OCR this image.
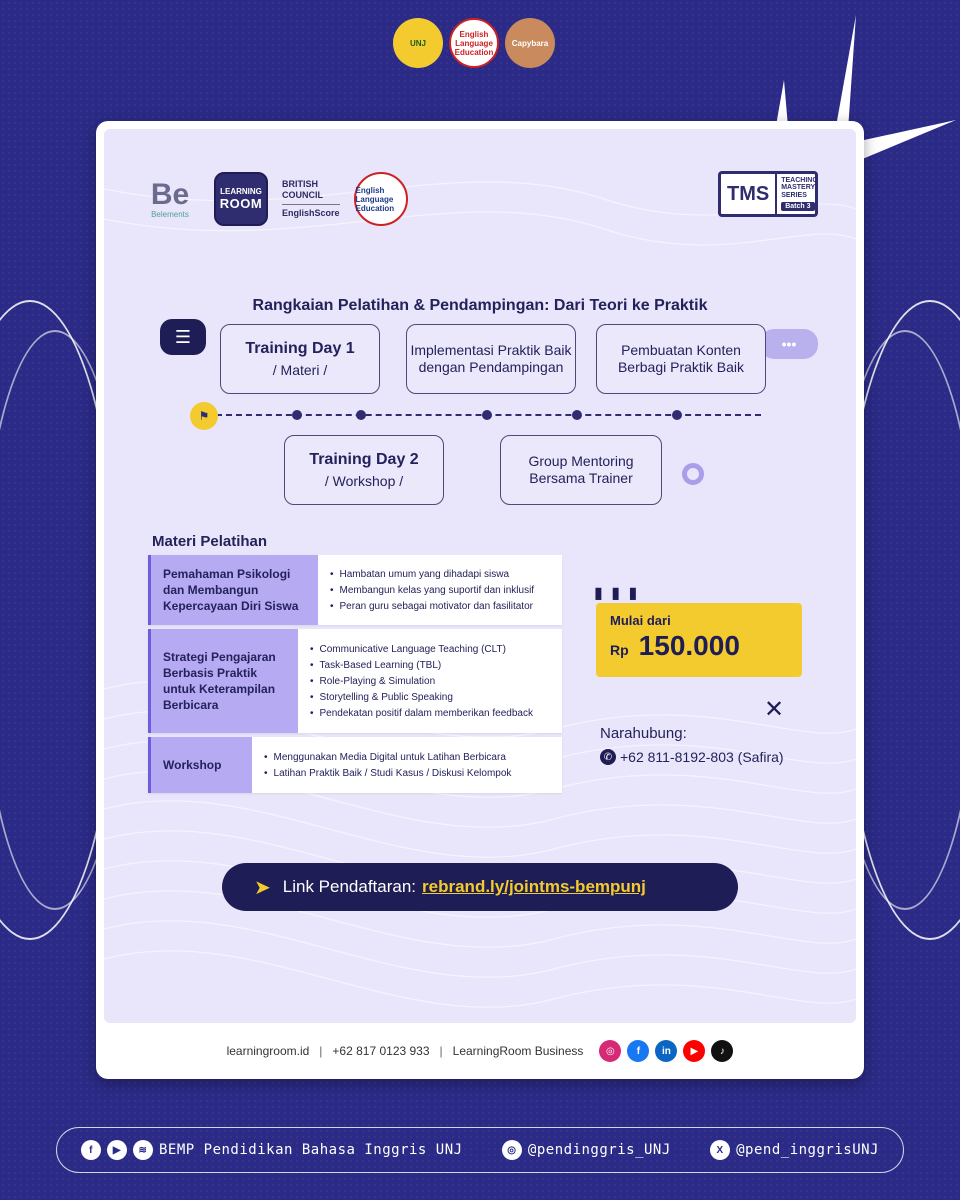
UNJ
English Language Education
Capybara
Be
Belements
LEARNING
ROOM
BRITISH
COUNCIL
EnglishScore
English Language Education
TMS
TEACHING
MASTERY
SERIES
Batch 3
Rangkaian Pelatihan & Pendampingan: Dari Teori ke Praktik
☰	•••
Training Day 1
/ Materi /
Implementasi Praktik Baik dengan Pendampingan
Pembuatan Konten Berbagi Praktik Baik
⚑
Training Day 2
/ Workshop /
Group Mentoring Bersama Trainer
Materi Pelatihan
Pemahaman Psikologi dan Membangun Kepercayaan Diri Siswa
• Hambatan umum yang dihadapi siswa
• Membangun kelas yang suportif dan inklusif
• Peran guru sebagai motivator dan fasilitator
Strategi Pengajaran Berbasis Praktik untuk Keterampilan Berbicara
• Communicative Language Teaching (CLT)
• Task-Based Learning (TBL)
• Role-Playing & Simulation
• Storytelling & Public Speaking
• Pendekatan positif dalam memberikan feedback
Workshop
• Menggunakan Media Digital untuk Latihan Berbicara
• Latihan Praktik Baik / Studi Kasus / Diskusi Kelompok
▮ ▮ ▮
Mulai dari
Rp 150.000
✕
Narahubung:
✆ +62 811-8192-803 (Safira)
➤ Link Pendaftaran: rebrand.ly/jointms-bempunj
learningroom.id | +62 817 0123 933 | LearningRoom Business	◎	f	in	▶	♪
f	▶	≋ BEMP Pendidikan Bahasa Inggris UNJ	◎ @pendinggris_UNJ	X @pend_inggrisUNJ
